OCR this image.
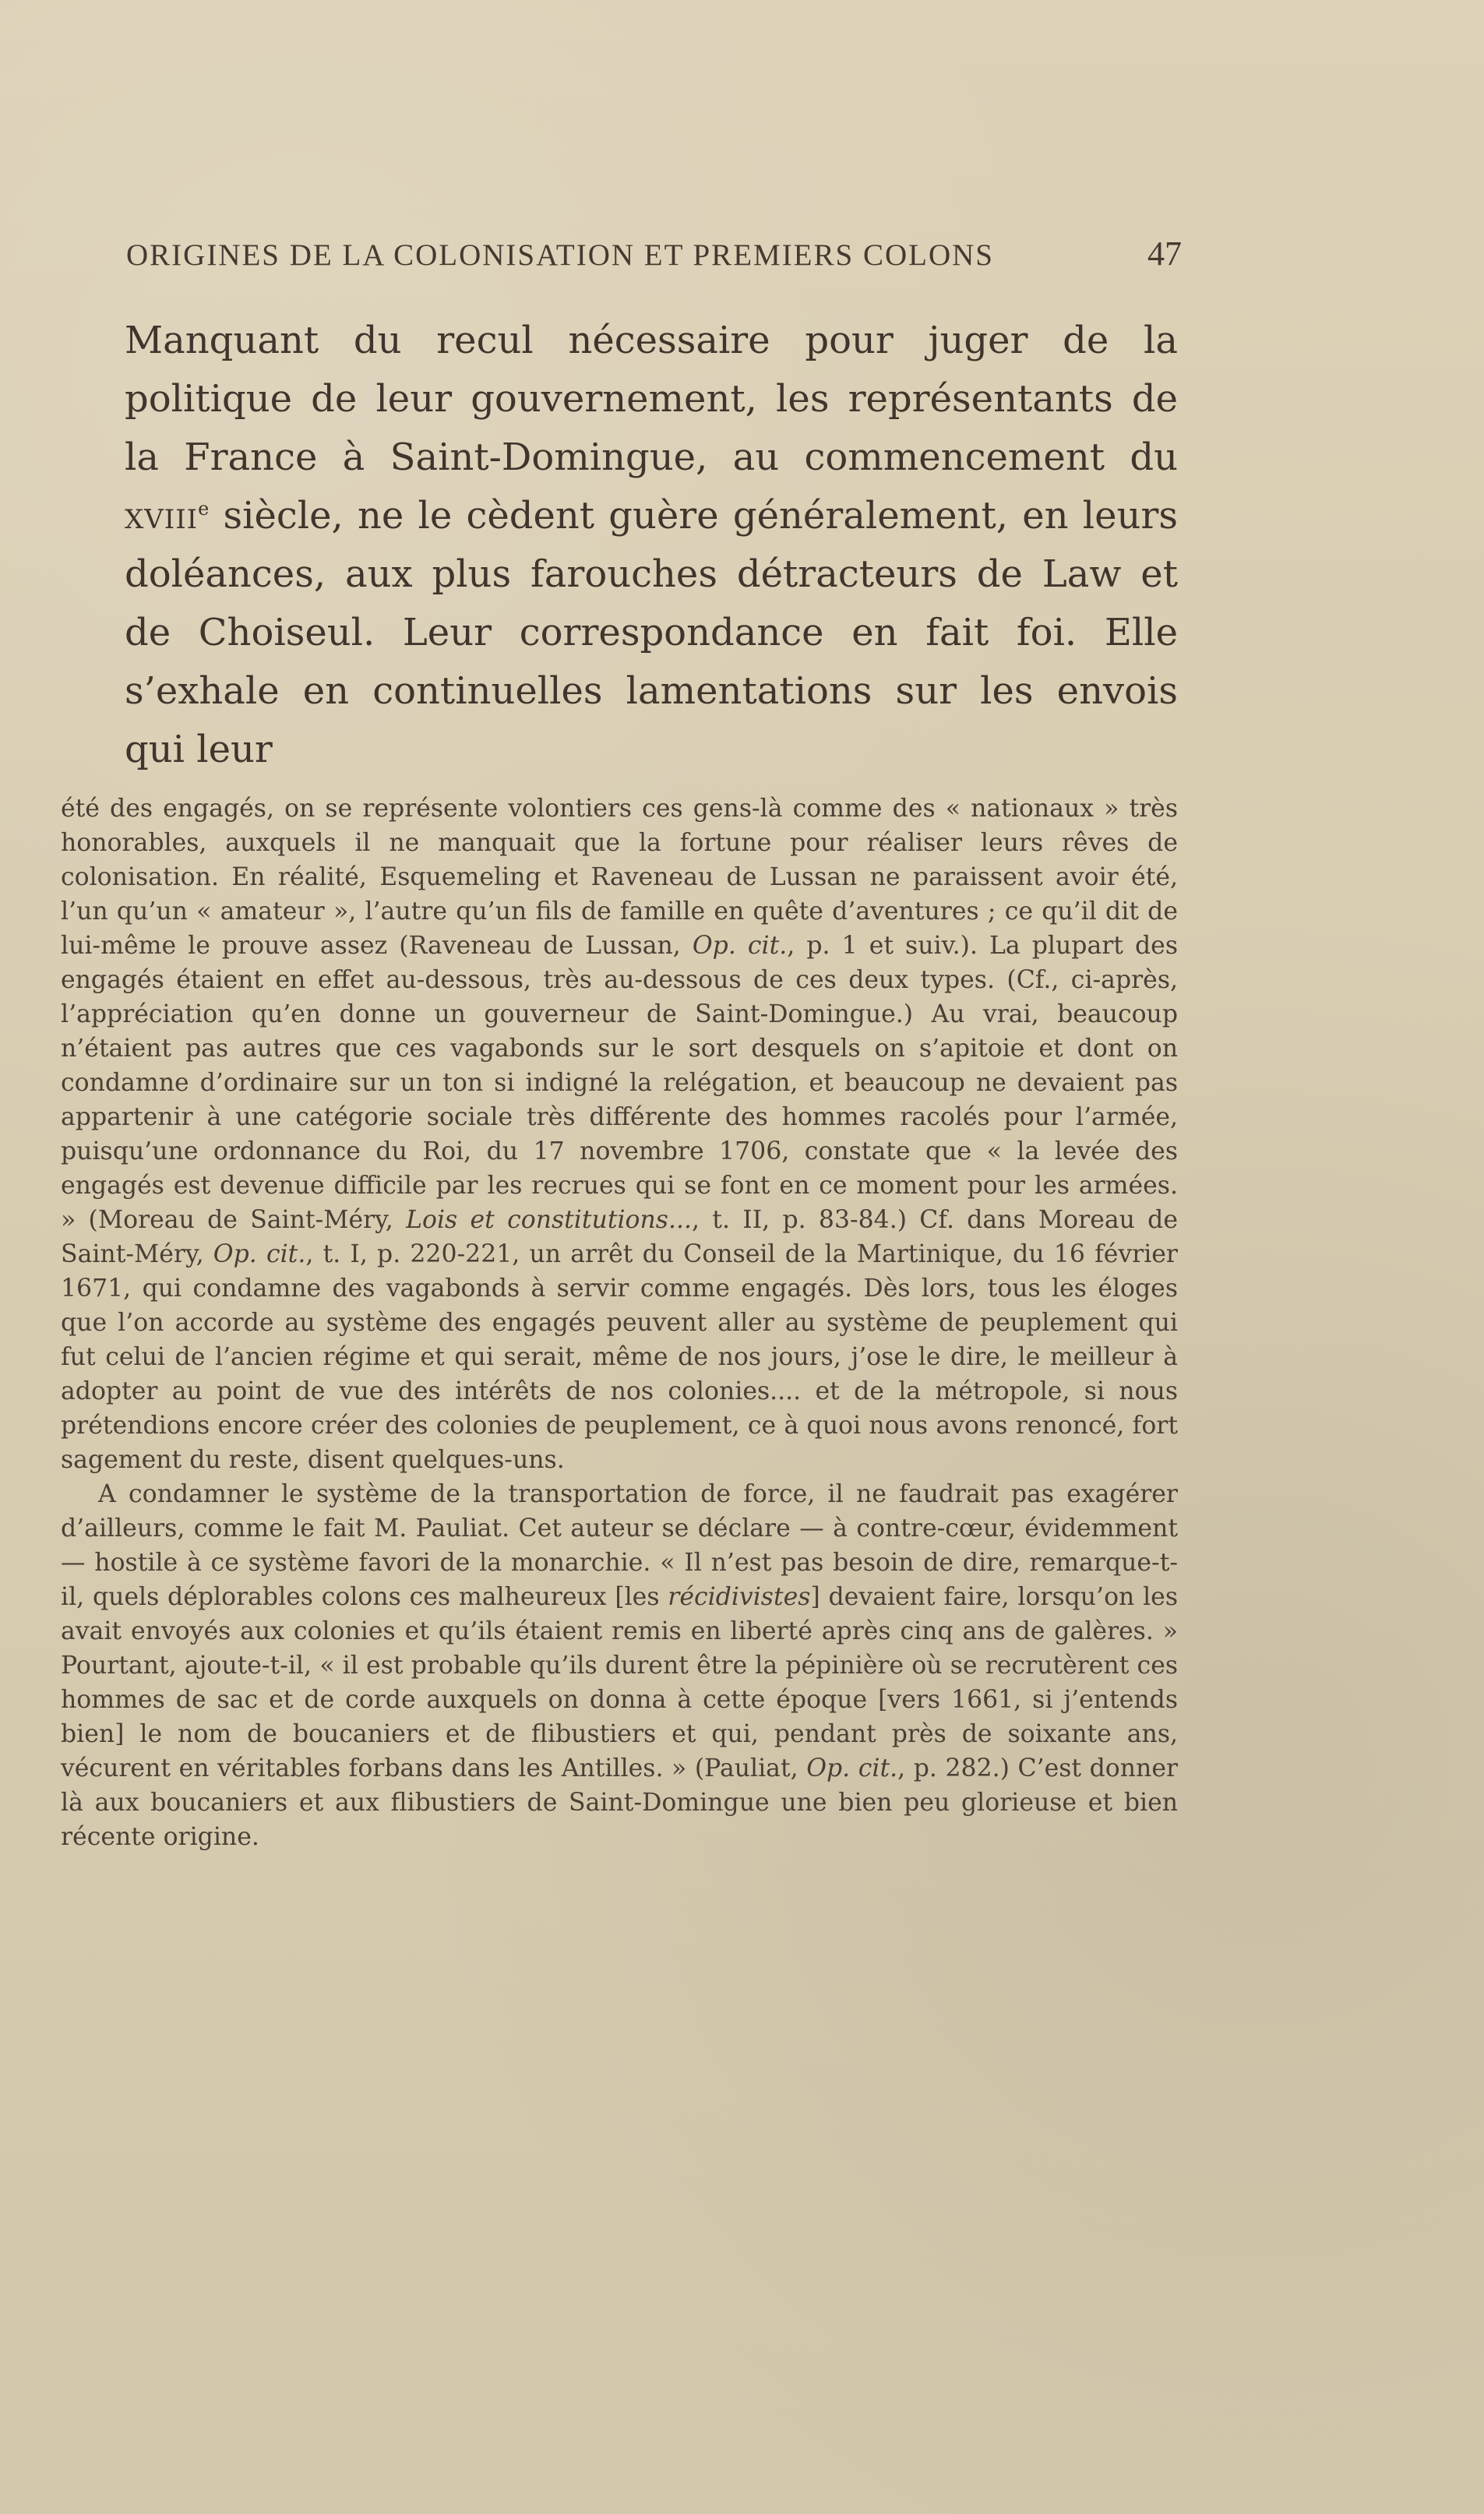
ORIGINES DE LA COLONISATION ET PREMIERS COLONS	47

Manquant du recul nécessaire pour juger de la politique de leur gouvernement, les représentants de la France à Saint-Domingue, au commencement du xviii$^e$ siècle, ne le cèdent guère généralement, en leurs doléances, aux plus farouches détracteurs de Law et de Choiseul. Leur correspondance en fait foi. Elle s’exhale en continuelles lamentations sur les envois qui leur

été des engagés, on se représente volontiers ces gens-là comme des « nationaux » très honorables, auxquels il ne manquait que la fortune pour réaliser leurs rêves de colonisation. En réalité, Esquemeling et Raveneau de Lussan ne paraissent avoir été, l’un qu’un « amateur », l’autre qu’un fils de famille en quête d’aventures ; ce qu’il dit de lui-même le prouve assez (Raveneau de Lussan, Op. cit., p. 1 et suiv.). La plupart des engagés étaient en effet au-dessous, très au-dessous de ces deux types. (Cf., ci-après, l’appréciation qu’en donne un gouverneur de Saint-Domingue.) Au vrai, beaucoup n’étaient pas autres que ces vagabonds sur le sort desquels on s’apitoie et dont on condamne d’ordinaire sur un ton si indigné la relégation, et beaucoup ne devaient pas appartenir à une catégorie sociale très différente des hommes racolés pour l’armée, puisqu’une ordonnance du Roi, du 17 novembre 1706, constate que « la levée des engagés est devenue difficile par les recrues qui se font en ce moment pour les armées. » (Moreau de Saint-Méry, Lois et constitutions..., t. II, p. 83-84.) Cf. dans Moreau de Saint-Méry, Op. cit., t. I, p. 220-221, un arrêt du Conseil de la Martinique, du 16 février 1671, qui condamne des vagabonds à servir comme engagés. Dès lors, tous les éloges que l’on accorde au système des engagés peuvent aller au système de peuplement qui fut celui de l’ancien régime et qui serait, même de nos jours, j’ose le dire, le meilleur à adopter au point de vue des intérêts de nos colonies.... et de la métropole, si nous prétendions encore créer des colonies de peuplement, ce à quoi nous avons renoncé, fort sagement du reste, disent quelques-uns.

A condamner le système de la transportation de force, il ne faudrait pas exagérer d’ailleurs, comme le fait M. Pauliat. Cet auteur se déclare — à contre-cœur, évidemment — hostile à ce système favori de la monarchie. « Il n’est pas besoin de dire, remarque-t-il, quels déplorables colons ces malheureux [les récidivistes] devaient faire, lorsqu’on les avait envoyés aux colonies et qu’ils étaient remis en liberté après cinq ans de galères. » Pourtant, ajoute-t-il, « il est probable qu’ils durent être la pépinière où se recrutèrent ces hommes de sac et de corde auxquels on donna à cette époque [vers 1661, si j’entends bien] le nom de boucaniers et de flibustiers et qui, pendant près de soixante ans, vécurent en véritables forbans dans les Antilles. » (Pauliat, Op. cit., p. 282.) C’est donner là aux boucaniers et aux flibustiers de Saint-Domingue une bien peu glorieuse et bien récente origine.
